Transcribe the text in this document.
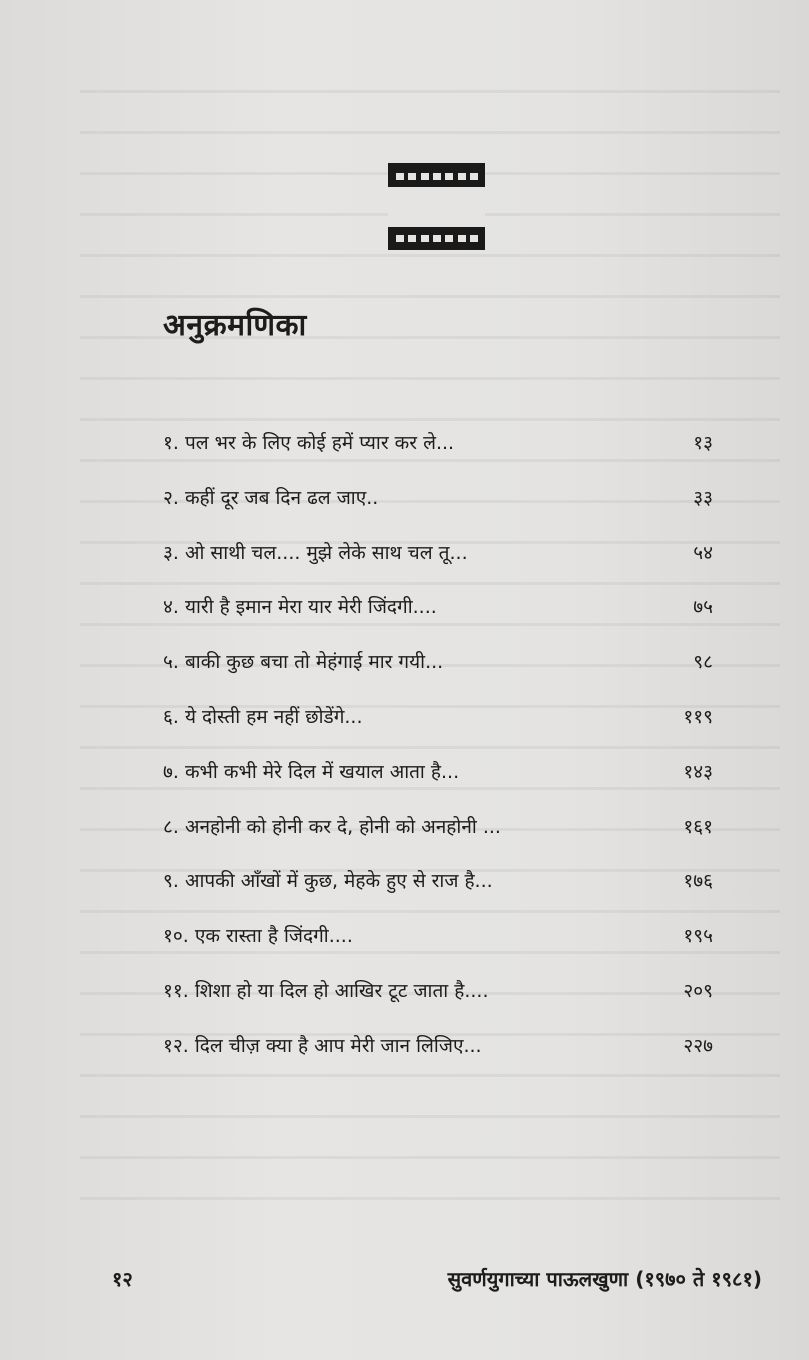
अनुक्रमणिका
१. पल भर के लिए कोई हमें प्यार कर ले...	१३
२. कहीं दूर जब दिन ढल जाए..	३३
३. ओ साथी चल.... मुझे लेके साथ चल तू...	५४
४. यारी है इमान मेरा यार मेरी जिंदगी....	७५
५. बाकी कुछ बचा तो मेहंगाई मार गयी...	९८
६. ये दोस्ती हम नहीं छोडेंगे...	११९
७. कभी कभी मेरे दिल में खयाल आता है...	१४३
८. अनहोनी को होनी कर दे, होनी को अनहोनी ...	१६१
९. आपकी आँखों में कुछ, मेहके हुए से राज है...	१७६
१०. एक रास्ता है जिंदगी....	१९५
११. शिशा हो या दिल हो आखिर टूट जाता है....	२०९
१२. दिल चीज़ क्या है आप मेरी जान लिजिए...	२२७
१२	सुवर्णयुगाच्या पाऊलखुणा (१९७० ते १९८१)
